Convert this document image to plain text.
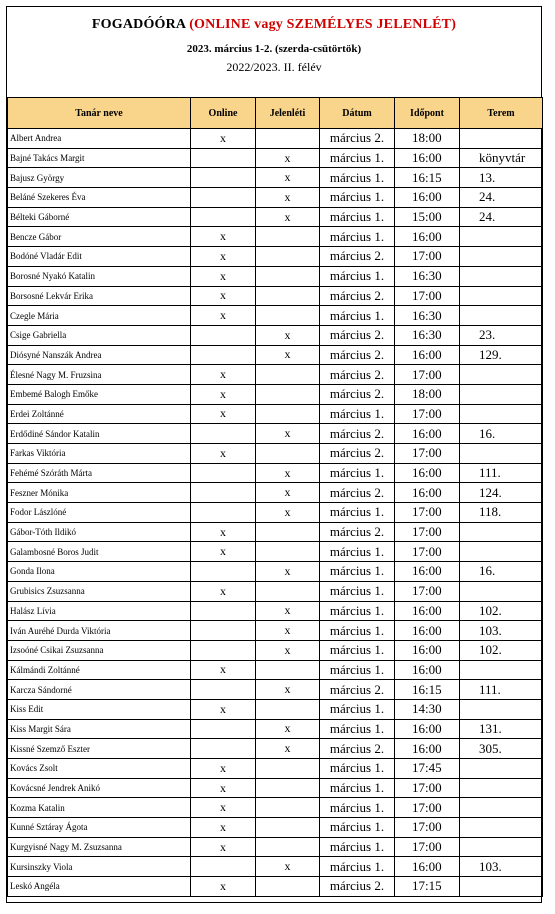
FOGADÓÓRA (ONLINE vagy SZEMÉLYES JELENLÉT)
2023. március 1-2. (szerda-csütörtök)
2022/2023. II. félév
Tanár neve	Online	Jelenléti	Dátum	Időpont	Terem
Albert Andrea	x		március 2.	18:00	
Bajné Takács Margit		x	március 1.	16:00	könyvtár
Bajusz György		x	március 1.	16:15	13.
Beláné Szekeres Éva		x	március 1.	16:00	24.
Bélteki Gáborné		x	március 1.	15:00	24.
Bencze Gábor	x		március 1.	16:00	
Bodóné Vladár Edit	x		március 2.	17:00	
Borosné Nyakó Katalin	x		március 1.	16:30	
Borsosné Lekvár Erika	x		március 2.	17:00	
Czegle Mária	x		március 1.	16:30	
Csige Gabriella		x	március 2.	16:30	23.
Diósyné Nanszák Andrea		x	március 2.	16:00	129.
Élesné Nagy M. Fruzsina	x		március 2.	17:00	
Embemé Balogh Emőke	x		március 2.	18:00	
Erdei Zoltánné	x		március 1.	17:00	
Erdődiné Sándor Katalin		x	március 2.	16:00	16.
Farkas Viktória	x		március 2.	17:00	
Fehémé Szóráth Márta		x	március 1.	16:00	111.
Feszner Mónika		x	március 2.	16:00	124.
Fodor Lászlóné		x	március 1.	17:00	118.
Gábor-Tóth Ildikó	x		március 2.	17:00	
Galambosné Boros Judit	x		március 1.	17:00	
Gonda Ilona		x	március 1.	16:00	16.
Grubisics Zsuzsanna	x		március 1.	17:00	
Halász Lívia		x	március 1.	16:00	102.
Iván Auréhé Durda Viktória		x	március 1.	16:00	103.
Izsoóné Csikai Zsuzsanna		x	március 1.	16:00	102.
Kálmándi Zoltánné	x		március 1.	16:00	
Karcza Sándorné		x	március 2.	16:15	111.
Kiss Edit	x		március 1.	14:30	
Kiss Margit Sára		x	március 1.	16:00	131.
Kissné Szemző Eszter		x	március 2.	16:00	305.
Kovács Zsolt	x		március 1.	17:45	
Kovácsné Jendrek Anikó	x		március 1.	17:00	
Kozma Katalin	x		március 1.	17:00	
Kunné Sztáray Ágota	x		március 1.	17:00	
Kurgyisné Nagy M. Zsuzsanna	x		március 1.	17:00	
Kursinszky Viola		x	március 1.	16:00	103.
Leskó Angéla	x		március 2.	17:15	
